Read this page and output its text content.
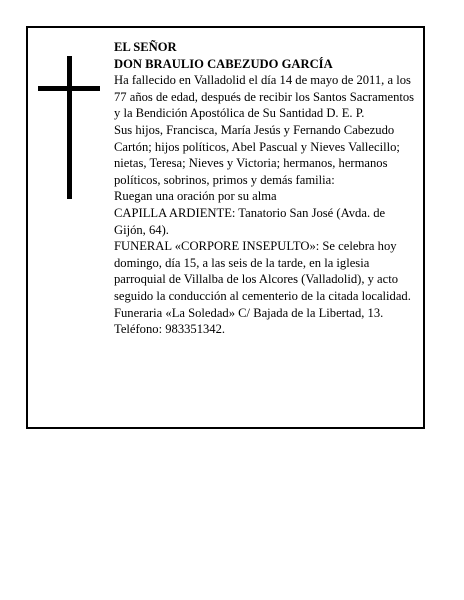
EL SEÑOR

DON BRAULIO CABEZUDO GARCÍA

Ha fallecido en Valladolid el día 14 de mayo de 2011, a los 77 años de edad, después de recibir los Santos Sacramentos y la Bendición Apostólica de Su Santidad D. E. P.

Sus hijos, Francisca, María Jesús y Fernando Cabezudo Cartón; hijos políticos, Abel Pascual y Nieves Vallecillo; nietas, Teresa; Nieves y Victoria; hermanos, hermanos políticos, sobrinos, primos y demás familia:

Ruegan una oración por su alma

CAPILLA ARDIENTE: Tanatorio San José (Avda. de Gijón, 64).

FUNERAL «CORPORE INSEPULTO»: Se celebra hoy domingo, día 15, a las seis de la tarde, en la iglesia parroquial de Villalba de los Alcores (Valladolid), y acto seguido la conducción al cementerio de la citada localidad.

Funeraria «La Soledad» C/ Bajada de la Libertad, 13. Teléfono: 983351342.
